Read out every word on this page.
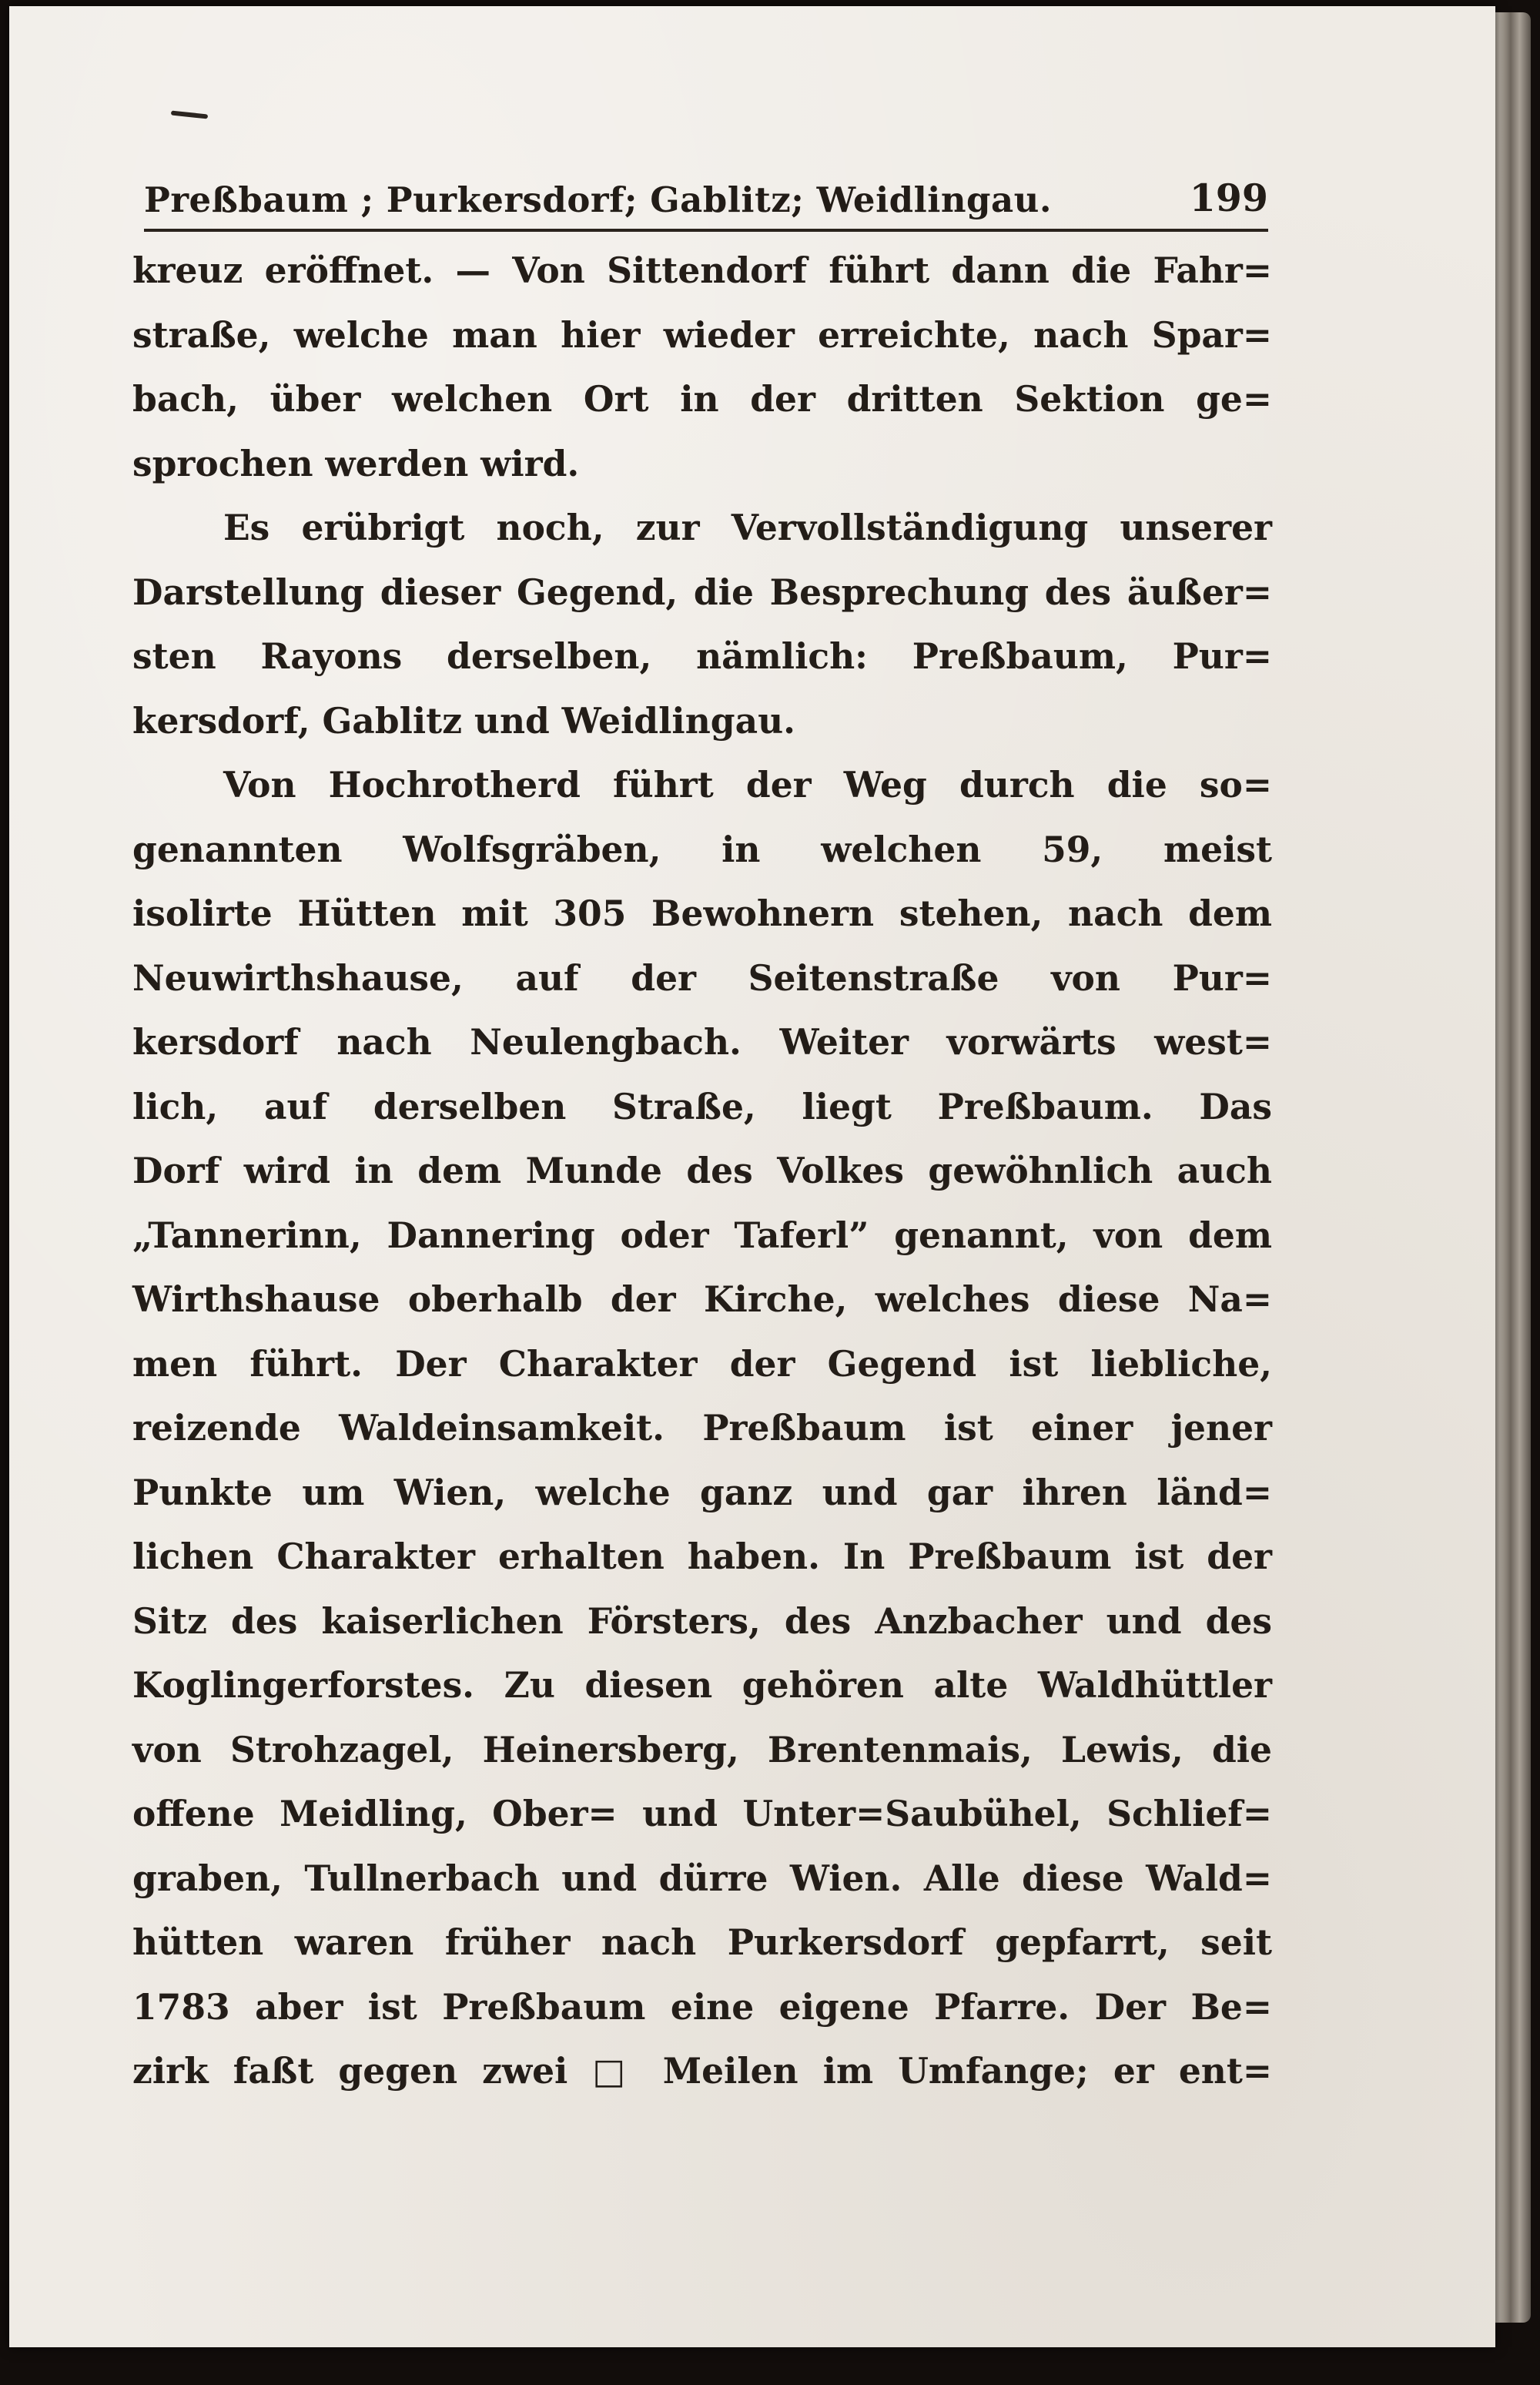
Preßbaum ; Purkersdorf; Gablitz; Weidlingau.	199
kreuz eröffnet. — Von Sittendorf führt dann die Fahr=
straße, welche man hier wieder erreichte, nach Spar=
bach, über welchen Ort in der dritten Sektion ge=
sprochen werden wird.
Es erübrigt noch, zur Vervollständigung unserer
Darstellung dieser Gegend, die Besprechung des äußer=
sten Rayons derselben, nämlich: Preßbaum, Pur=
kersdorf, Gablitz und Weidlingau.
Von Hochrotherd führt der Weg durch die so=
genannten Wolfsgräben, in welchen 59, meist
isolirte Hütten mit 305 Bewohnern stehen, nach dem
Neuwirthshause, auf der Seitenstraße von Pur=
kersdorf nach Neulengbach. Weiter vorwärts west=
lich, auf derselben Straße, liegt Preßbaum. Das
Dorf wird in dem Munde des Volkes gewöhnlich auch
„Tannerinn, Dannering oder Taferl” genannt, von dem
Wirthshause oberhalb der Kirche, welches diese Na=
men führt. Der Charakter der Gegend ist liebliche,
reizende Waldeinsamkeit. Preßbaum ist einer jener
Punkte um Wien, welche ganz und gar ihren länd=
lichen Charakter erhalten haben. In Preßbaum ist der
Sitz des kaiserlichen Försters, des Anzbacher und des
Koglingerforstes. Zu diesen gehören alte Waldhüttler
von Strohzagel, Heinersberg, Brentenmais, Lewis, die
offene Meidling, Ober= und Unter=Saubühel, Schlief=
graben, Tullnerbach und dürre Wien. Alle diese Wald=
hütten waren früher nach Purkersdorf gepfarrt, seit
1783 aber ist Preßbaum eine eigene Pfarre. Der Be=
zirk faßt gegen zwei □ Meilen im Umfange; er ent=
